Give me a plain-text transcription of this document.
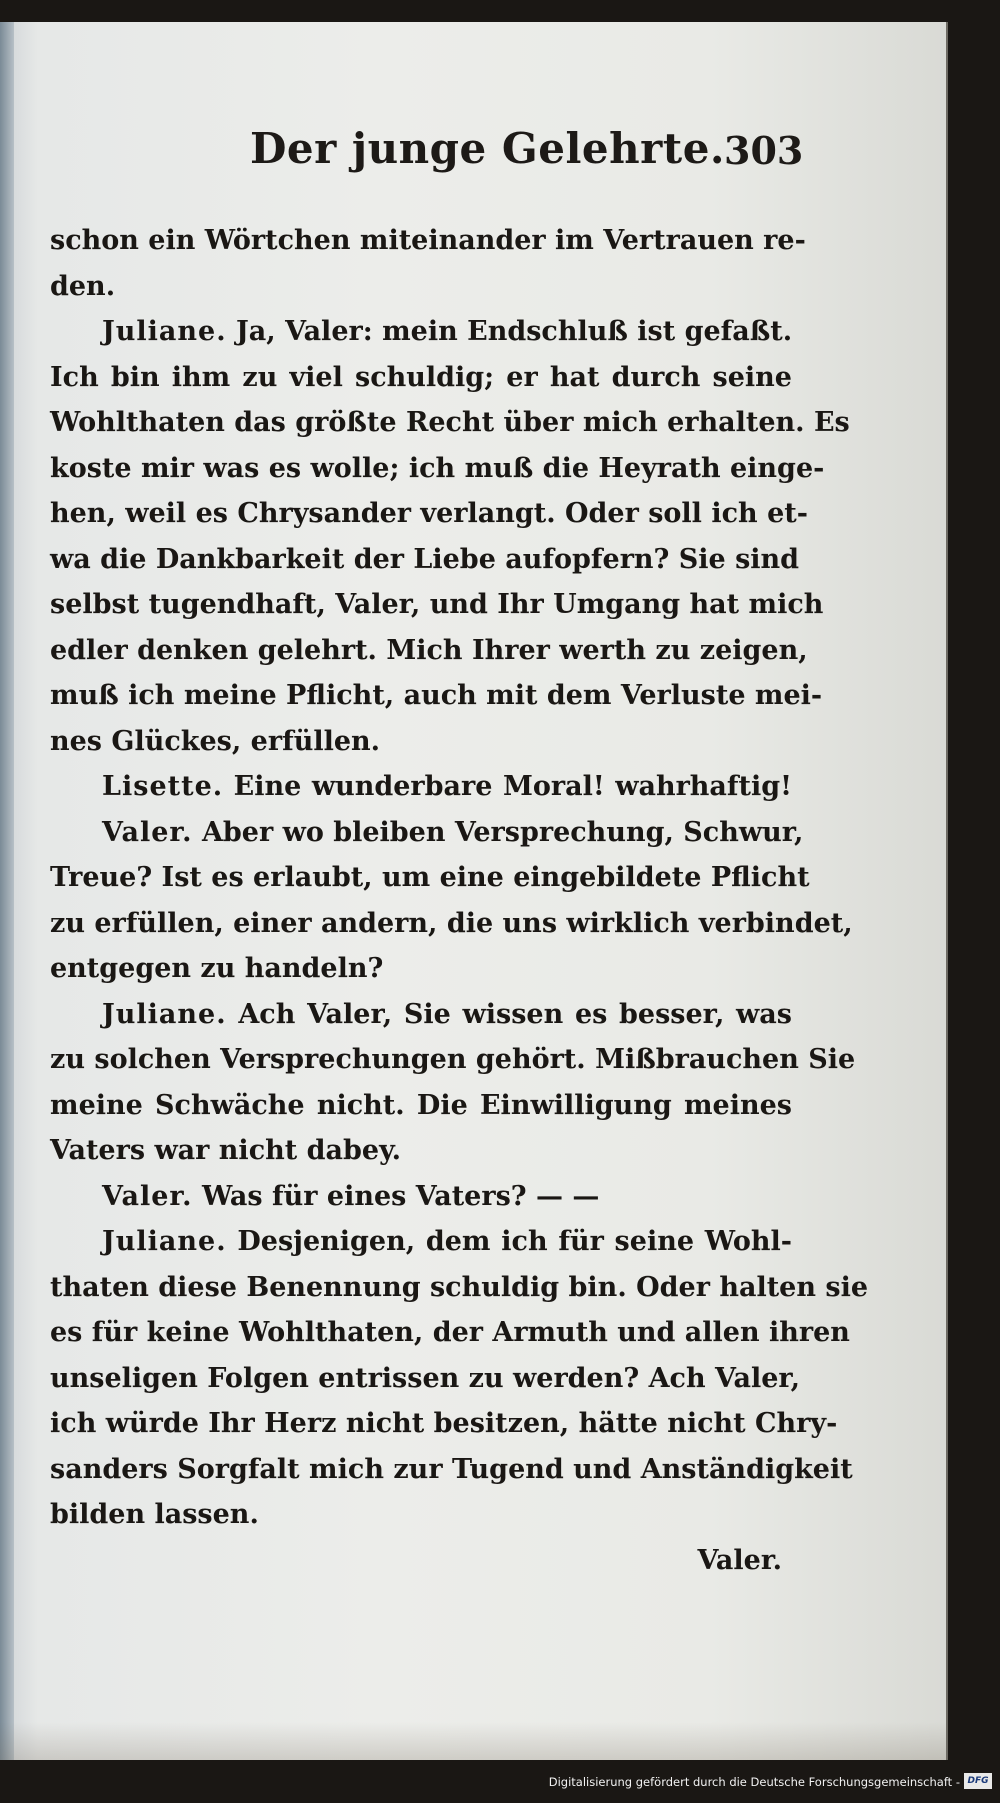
Der junge Gelehrte.
303
schon ein Wörtchen miteinander im Vertrauen re-
den.
Juliane. Ja, Valer: mein Endschluß ist gefaßt.
Ich bin ihm zu viel schuldig; er hat durch seine
Wohlthaten das größte Recht über mich erhalten. Es
koste mir was es wolle; ich muß die Heyrath einge-
hen, weil es Chrysander verlangt. Oder soll ich et-
wa die Dankbarkeit der Liebe aufopfern? Sie sind
selbst tugendhaft, Valer, und Ihr Umgang hat mich
edler denken gelehrt. Mich Ihrer werth zu zeigen,
muß ich meine Pflicht, auch mit dem Verluste mei-
nes Glückes, erfüllen.
Lisette. Eine wunderbare Moral! wahrhaftig!
Valer. Aber wo bleiben Versprechung, Schwur,
Treue? Ist es erlaubt, um eine eingebildete Pflicht
zu erfüllen, einer andern, die uns wirklich verbindet,
entgegen zu handeln?
Juliane. Ach Valer, Sie wissen es besser, was
zu solchen Versprechungen gehört. Mißbrauchen Sie
meine Schwäche nicht. Die Einwilligung meines
Vaters war nicht dabey.
Valer. Was für eines Vaters? — —
Juliane. Desjenigen, dem ich für seine Wohl-
thaten diese Benennung schuldig bin. Oder halten sie
es für keine Wohlthaten, der Armuth und allen ihren
unseligen Folgen entrissen zu werden? Ach Valer,
ich würde Ihr Herz nicht besitzen, hätte nicht Chry-
sanders Sorgfalt mich zur Tugend und Anständigkeit
bilden lassen.
Valer.
Digitalisierung gefördert durch die Deutsche Forschungsgemeinschaft - DFG
